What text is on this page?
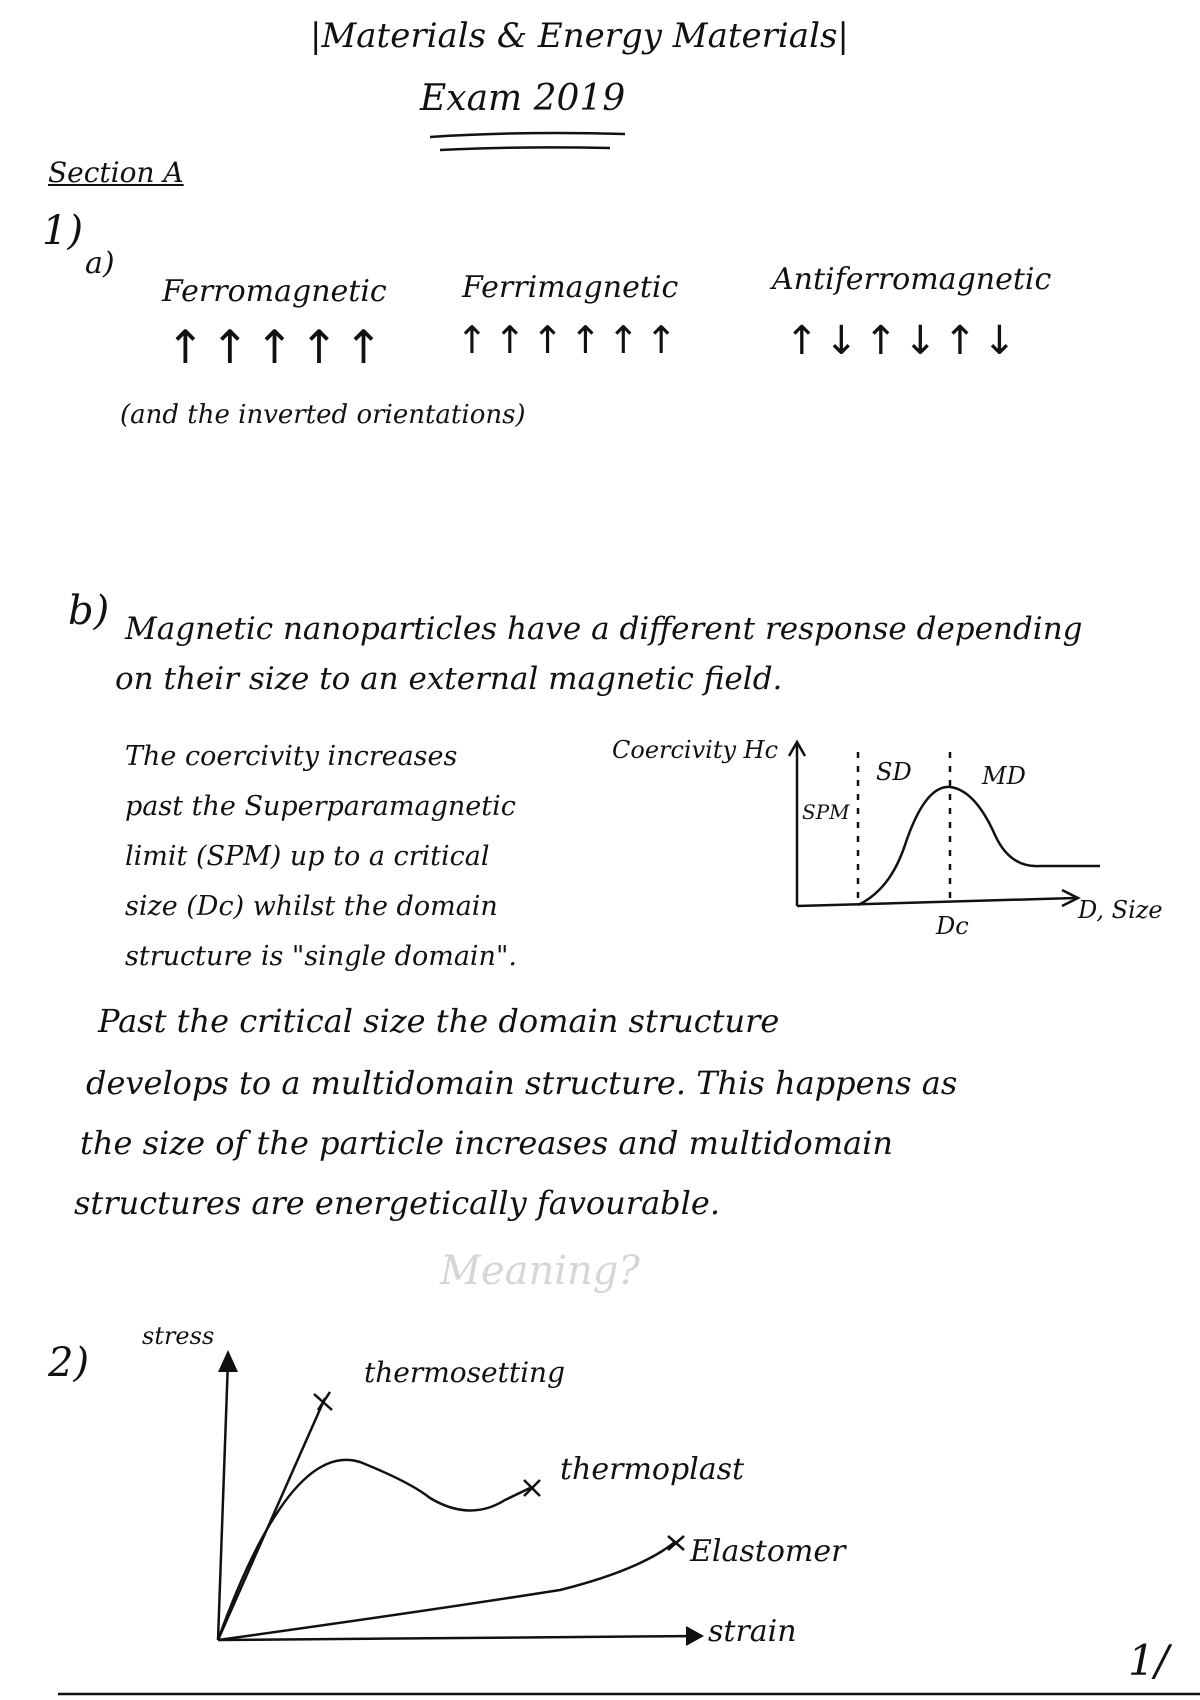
|Materials & Energy Materials|
Exam 2019
Section A
1)
a)
Ferromagnetic
↑↑↑↑↑
Ferrimagnetic
↑↑↑↑↑↑
Antiferromagnetic
↑↓↑↓↑↓
(and the inverted orientations)
b) Magnetic nanoparticles have a different response depending
on their size to an external magnetic field.
The coercivity increases
past the Superparamagnetic
limit (SPM) up to a critical
size (Dc) whilst the domain
structure is "single domain".
Coercivity Hc
SPM
SD	MD
Dc
D, Size
Past the critical size the domain structure
develops to a multidomain structure. This happens as
the size of the particle increases and multidomain
structures are energetically favourable.
Meaning?
2)
stress
thermosetting
thermoplast
Elastomer
strain
1/
